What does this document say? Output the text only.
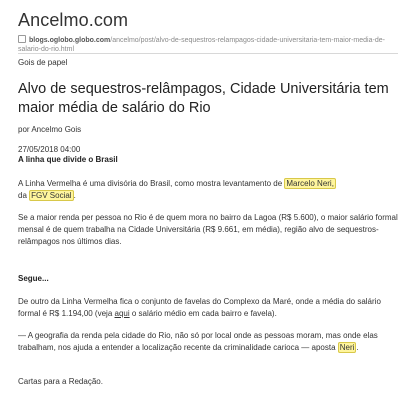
Ancelmo.com
blogs.oglobo.globo.com/ancelmo/post/alvo-de-sequestros-relampagos-cidade-universitaria-tem-maior-media-de-
salario-do-rio.html
Gois de papel
Alvo de sequestros-relâmpagos, Cidade Universitária tem maior média de salário do Rio
por Ancelmo Gois
27/05/2018 04:00
A linha que divide o Brasil
A Linha Vermelha é uma divisória do Brasil, como mostra levantamento de Marcelo Neri,
da FGV Social .
Se a maior renda per pessoa no Rio é de quem mora no bairro da Lagoa (R$ 5.600), o maior salário formal mensal é de quem trabalha na Cidade Universitária (R$ 9.661, em média), região alvo de sequestros- relâmpagos nos últimos dias.
Segue...
De outro da Linha Vermelha fica o conjunto de favelas do Complexo da Maré, onde a média do salário formal é R$ 1.194,00 (veja aqui o salário médio em cada bairro e favela).
— A geografia da renda pela cidade do Rio, não só por local onde as pessoas moram, mas onde elas trabalham, nos ajuda a entender a localização recente da criminalidade carioca — aposta Neri .
Cartas para a Redação.
